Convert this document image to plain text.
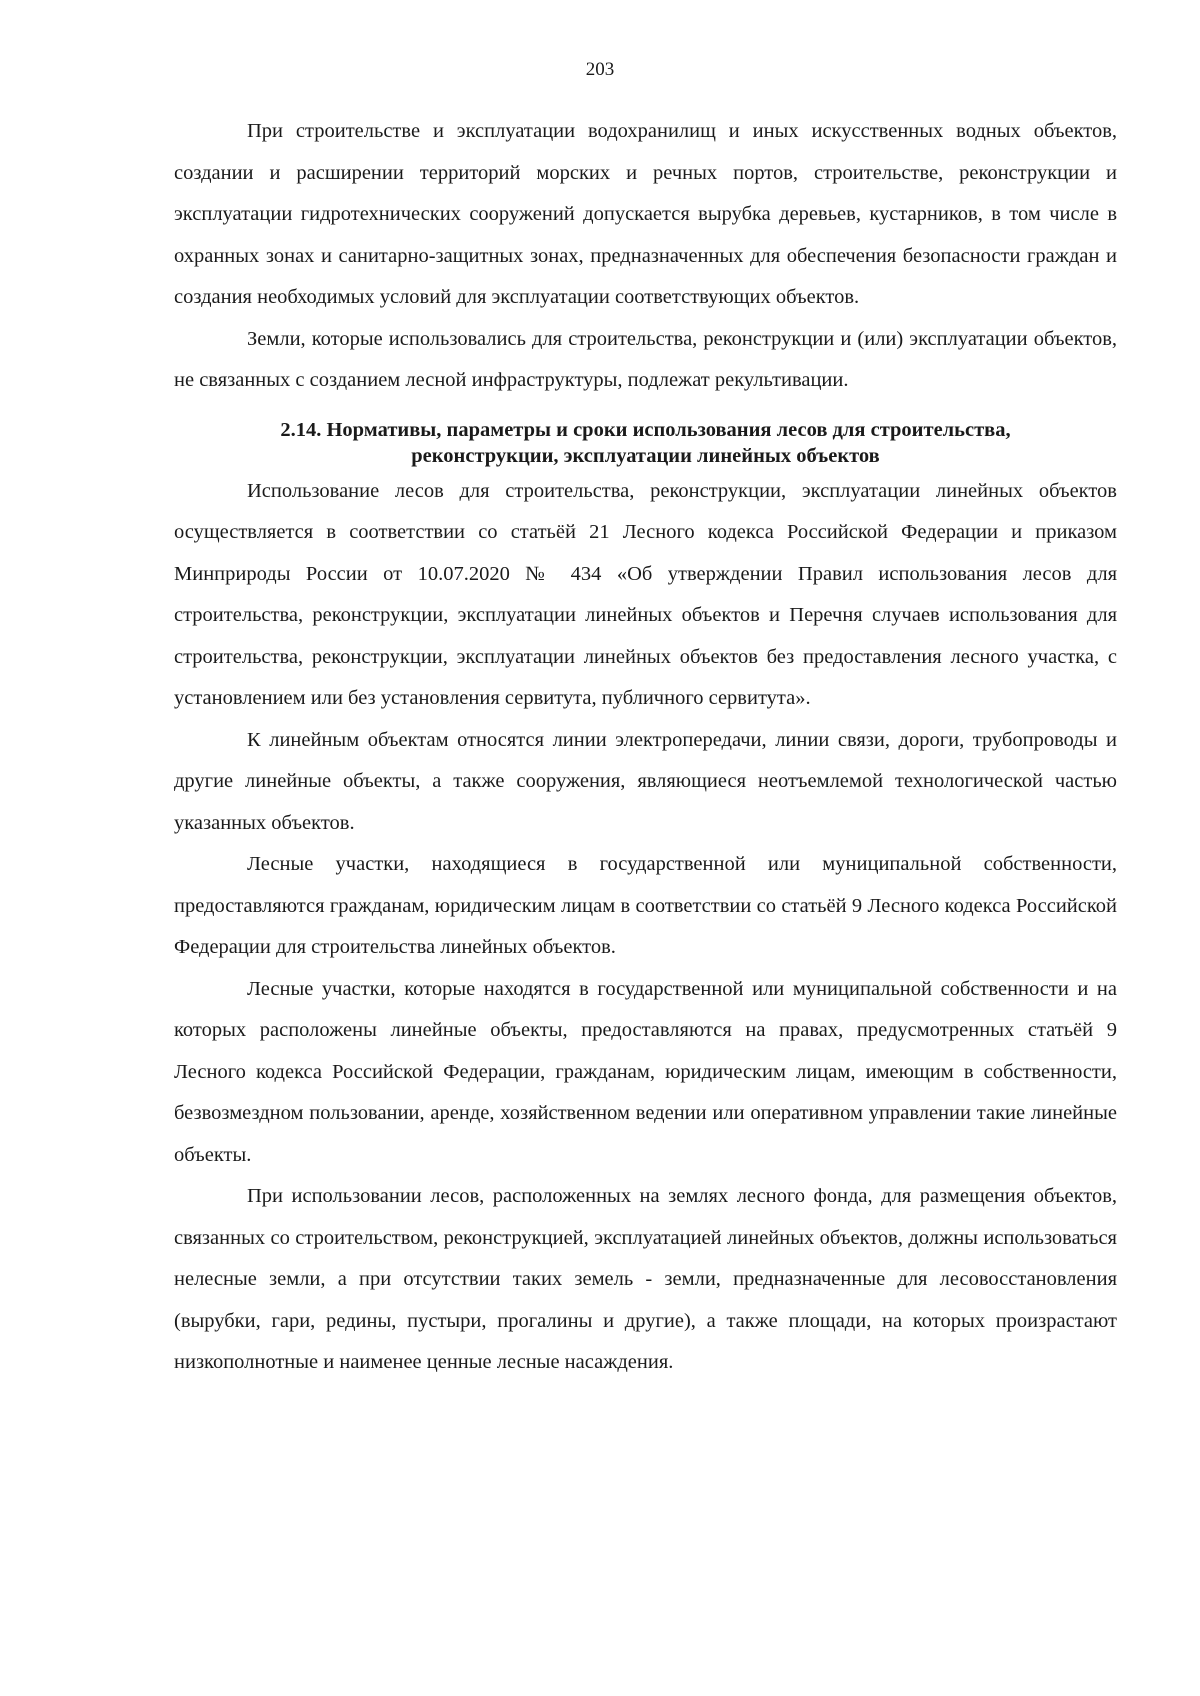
203

При строительстве и эксплуатации водохранилищ и иных искусственных водных объектов, создании и расширении территорий морских и речных портов, строительстве, реконструкции и эксплуатации гидротехнических сооружений допускается вырубка деревьев, кустарников, в том числе в охранных зонах и санитарно-защитных зонах, предназначенных для обеспечения безопасности граждан и создания необходимых условий для эксплуатации соответствующих объектов.

Земли, которые использовались для строительства, реконструкции и (или) эксплуатации объектов, не связанных с созданием лесной инфраструктуры, подлежат рекультивации.

2.14. Нормативы, параметры и сроки использования лесов для строительства,
реконструкции, эксплуатации линейных объектов

Использование лесов для строительства, реконструкции, эксплуатации линейных объектов осуществляется в соответствии со статьёй 21 Лесного кодекса Российской Федерации и приказом Минприроды России от 10.07.2020 № 434 «Об утверждении Правил использования лесов для строительства, реконструкции, эксплуатации линейных объектов и Перечня случаев использования для строительства, реконструкции, эксплуатации линейных объектов без предоставления лесного участка, с установлением или без установления сервитута, публичного сервитута».

К линейным объектам относятся линии электропередачи, линии связи, дороги, трубопроводы и другие линейные объекты, а также сооружения, являющиеся неотъемлемой технологической частью указанных объектов.

Лесные участки, находящиеся в государственной или муниципальной собственности, предоставляются гражданам, юридическим лицам в соответствии со статьёй 9 Лесного кодекса Российской Федерации для строительства линейных объектов.

Лесные участки, которые находятся в государственной или муниципальной собственности и на которых расположены линейные объекты, предоставляются на правах, предусмотренных статьёй 9 Лесного кодекса Российской Федерации, гражданам, юридическим лицам, имеющим в собственности, безвозмездном пользовании, аренде, хозяйственном ведении или оперативном управлении такие линейные объекты.

При использовании лесов, расположенных на землях лесного фонда, для размещения объектов, связанных со строительством, реконструкцией, эксплуатацией линейных объектов, должны использоваться нелесные земли, а при отсутствии таких земель - земли, предназначенные для лесовосстановления (вырубки, гари, редины, пустыри, прогалины и другие), а также площади, на которых произрастают низкополнотные и наименее ценные лесные насаждения.
